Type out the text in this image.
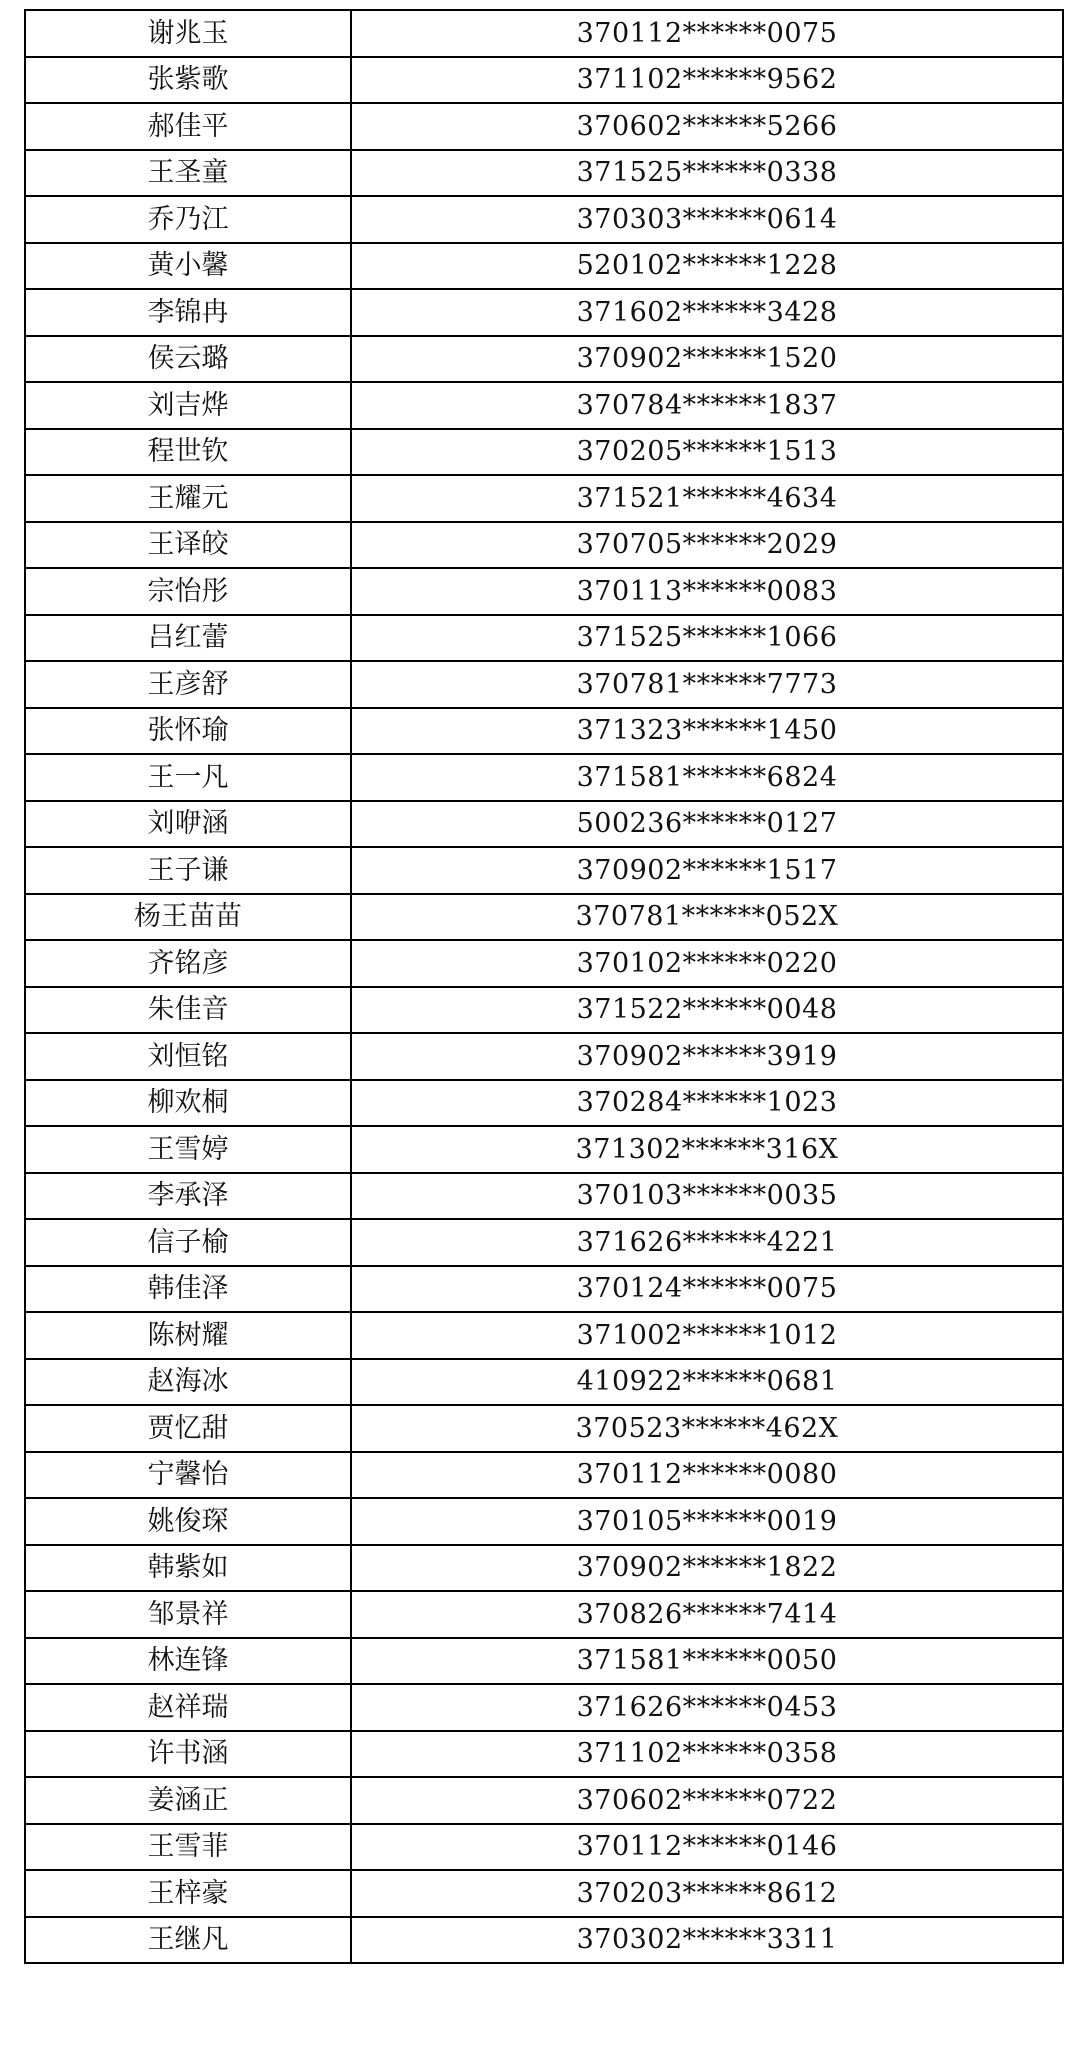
谢兆玉	370112******0075
张紫歌	371102******9562
郝佳平	370602******5266
王圣童	371525******0338
乔乃江	370303******0614
黄小馨	520102******1228
李锦冉	371602******3428
侯云璐	370902******1520
刘吉烨	370784******1837
程世钦	370205******1513
王耀元	371521******4634
王译皎	370705******2029
宗怡彤	370113******0083
吕红蕾	371525******1066
王彦舒	370781******7773
张怀瑜	371323******1450
王一凡	371581******6824
刘咿涵	500236******0127
王子谦	370902******1517
杨王苗苗	370781******052X
齐铭彦	370102******0220
朱佳音	371522******0048
刘恒铭	370902******3919
柳欢桐	370284******1023
王雪婷	371302******316X
李承泽	370103******0035
信子榆	371626******4221
韩佳泽	370124******0075
陈树耀	371002******1012
赵海冰	410922******0681
贾忆甜	370523******462X
宁馨怡	370112******0080
姚俊琛	370105******0019
韩紫如	370902******1822
邹景祥	370826******7414
林连锋	371581******0050
赵祥瑞	371626******0453
许书涵	371102******0358
姜涵正	370602******0722
王雪菲	370112******0146
王梓豪	370203******8612
王继凡	370302******3311
